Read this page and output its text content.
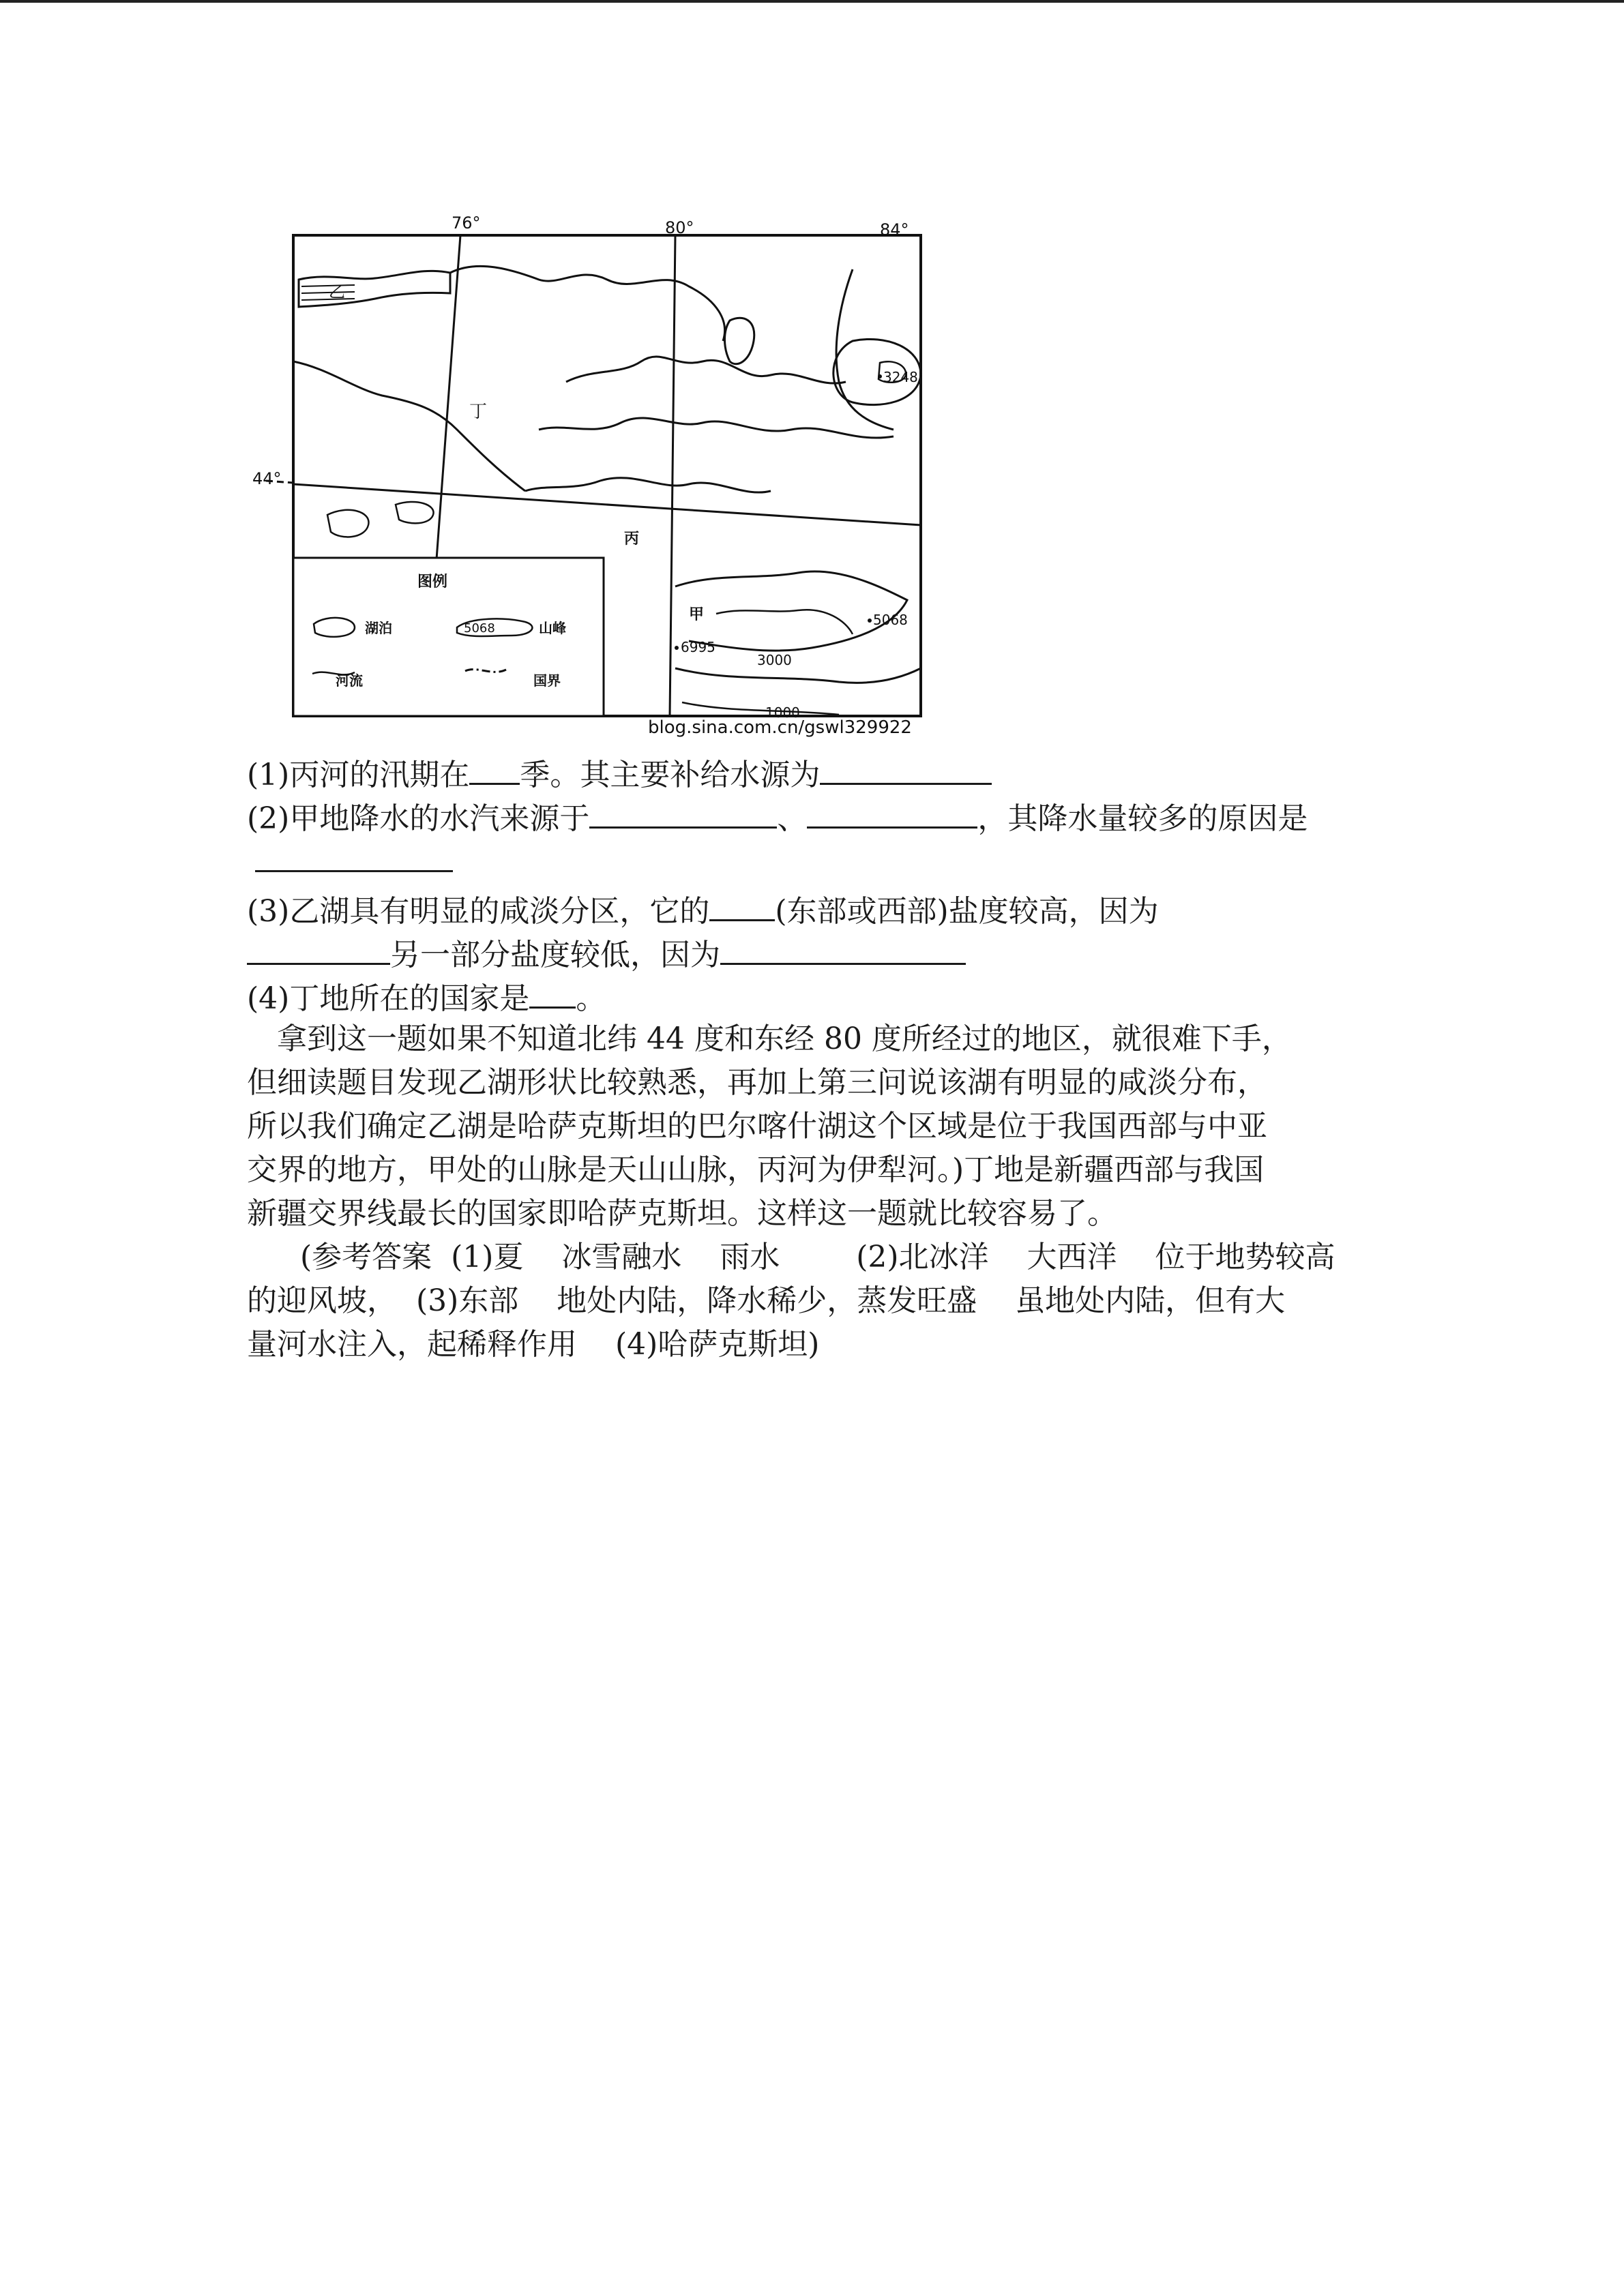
乙
丁
丙
甲
76°	80°	84°
44°
3248
5068
6995
3000
1000
图例
湖泊	5068	山峰
河流	国界
blog.sina.com.cn/gswl329922
(1)丙河的汛期在 季。其主要补给水源为
(2)甲地降水的水汽来源于	、	，其降水量较多的原因是
(3)乙湖具有明显的咸淡分区，它的 (东部或西部)盐度较高，因为
另一部分盐度较低，因为
(4)丁地所在的国家是 。
拿到这一题如果不知道北纬 44 度和东经 80 度所经过的地区，就很难下手，
但细读题目发现乙湖形状比较熟悉，再加上第三问说该湖有明显的咸淡分布，
所以我们确定乙湖是哈萨克斯坦的巴尔喀什湖这个区域是位于我国西部与中亚
交界的地方，甲处的山脉是天山山脉，丙河为伊犁河。)丁地是新疆西部与我国
新疆交界线最长的国家即哈萨克斯坦。这样这一题就比较容易了。
(参考答案  (1)夏    冰雪融水    雨水        (2)北冰洋    大西洋    位于地势较高
的迎风坡，  (3)东部    地处内陆，降水稀少，蒸发旺盛    虽地处内陆，但有大
量河水注入，起稀释作用    (4)哈萨克斯坦)
